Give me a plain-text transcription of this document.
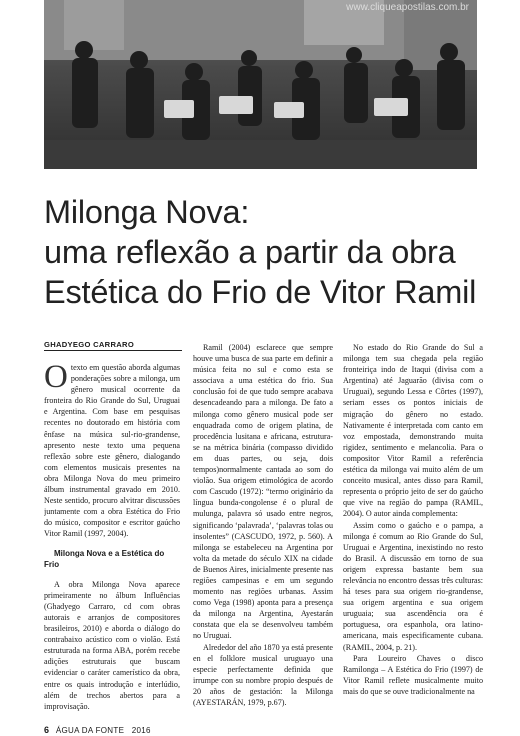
www.cliqueapostilas.com.br
Milonga Nova:
uma reflexão a partir da obra
Estética do Frio de Vitor Ramil
GHADYEGO CARRARO

Otexto em questão aborda algumas ponderações sobre a milonga, um gênero musical ocorrente da fronteira do Rio Grande do Sul, Uruguai e Argentina. Com base em pesquisas recentes no doutorado em história com ênfase na música sul-rio-grandense, apresento neste texto uma pequena reflexão sobre este gênero, dialogando com elementos musicais presentes na obra Milonga Nova do meu primeiro álbum instrumental gravado em 2010. Neste sentido, procuro alvitrar discussões juntamente com a obra Estética do Frio do músico, compositor e escritor gaúcho Vitor Ramil (1997, 2004).

Milonga Nova e a Estética do Frio

A obra Milonga Nova aparece primeiramente no álbum Influências (Ghadyego Carraro, cd com obras autorais e arranjos de compositores brasileiros, 2010) e aborda o diálogo do contrabaixo acústico com o violão. Está estruturada na forma ABA, porém recebe adições estruturais que buscam evidenciar o caráter camerístico da obra, entre os quais introdução e interlúdio, além de trechos abertos para a improvisação.

Ramil (2004) esclarece que sempre houve uma busca de sua parte em definir a música feita no sul e como esta se associava a uma estética do frio. Sua conclusão foi de que tudo sempre acabava desencadeando para a milonga. De fato a milonga como gênero musical pode ser enquadrada como de origem platina, de procedência lusitana e africana, estrutura-se na métrica binária (compasso dividido em duas partes, ou seja, dois tempos)normalmente cantada ao som do violão. Sua origem etimológica de acordo com Cascudo (1972): “termo originário da língua bunda-congolense é o plural de mulunga, palavra só usado entre negros, significando ‘palavrada’, ‘palavras tolas ou insolentes” (CASCUDO, 1972, p. 560). A milonga se estabeleceu na Argentina por volta da metade do século XIX na cidade de Buenos Aires, inicialmente presente nas regiões campesinas e em um segundo momento nas regiões urbanas. Assim como Vega (1998) aponta para a presença da milonga na Argentina, Ayestarán constata que ela se desenvolveu também no Uruguai.

Alrededor del año 1870 ya está presente en el folklore musical uruguayo una especie perfectamente definida que irrumpe con su nombre propio después de 20 años de gestación: la Milonga (AYESTARÁN, 1979, p.67).

No estado do Rio Grande do Sul a milonga tem sua chegada pela região fronteiriça indo de Itaqui (divisa com a Argentina) até Jaguarão (divisa com o Uruguai), segundo Lessa e Côrtes (1997), seriam esses os pontos iniciais de migração do gênero no estado. Nativamente é interpretada com canto em voz empostada, demonstrando muita rigidez, sentimento e melancolia. Para o compositor Vitor Ramil a referência estética da milonga vai muito além de um conceito musical, antes disso para Ramil, representa o próprio jeito de ser do gaúcho que vive na região do pampa (RAMIL, 2004). O autor ainda complementa:

Assim como o gaúcho e o pampa, a milonga é comum ao Rio Grande do Sul, Uruguai e Argentina, inexistindo no resto do Brasil. A discussão em torno de sua origem expressa bastante bem sua relevância no encontro dessas três culturas: há teses para sua origem rio-grandense, sua origem argentina e sua origem uruguaia; sua ascendência ora é portuguesa, ora espanhola, ora latino-americana, mais especificamente cubana. (RAMIL, 2004, p. 21).

Para Loureiro Chaves o disco Ramilonga – A Estética do Frio (1997) de Vitor Ramil reflete musicalmente muito mais do que se ouve tradicionalmente na

6 ÁGUA DA FONTE 2016
